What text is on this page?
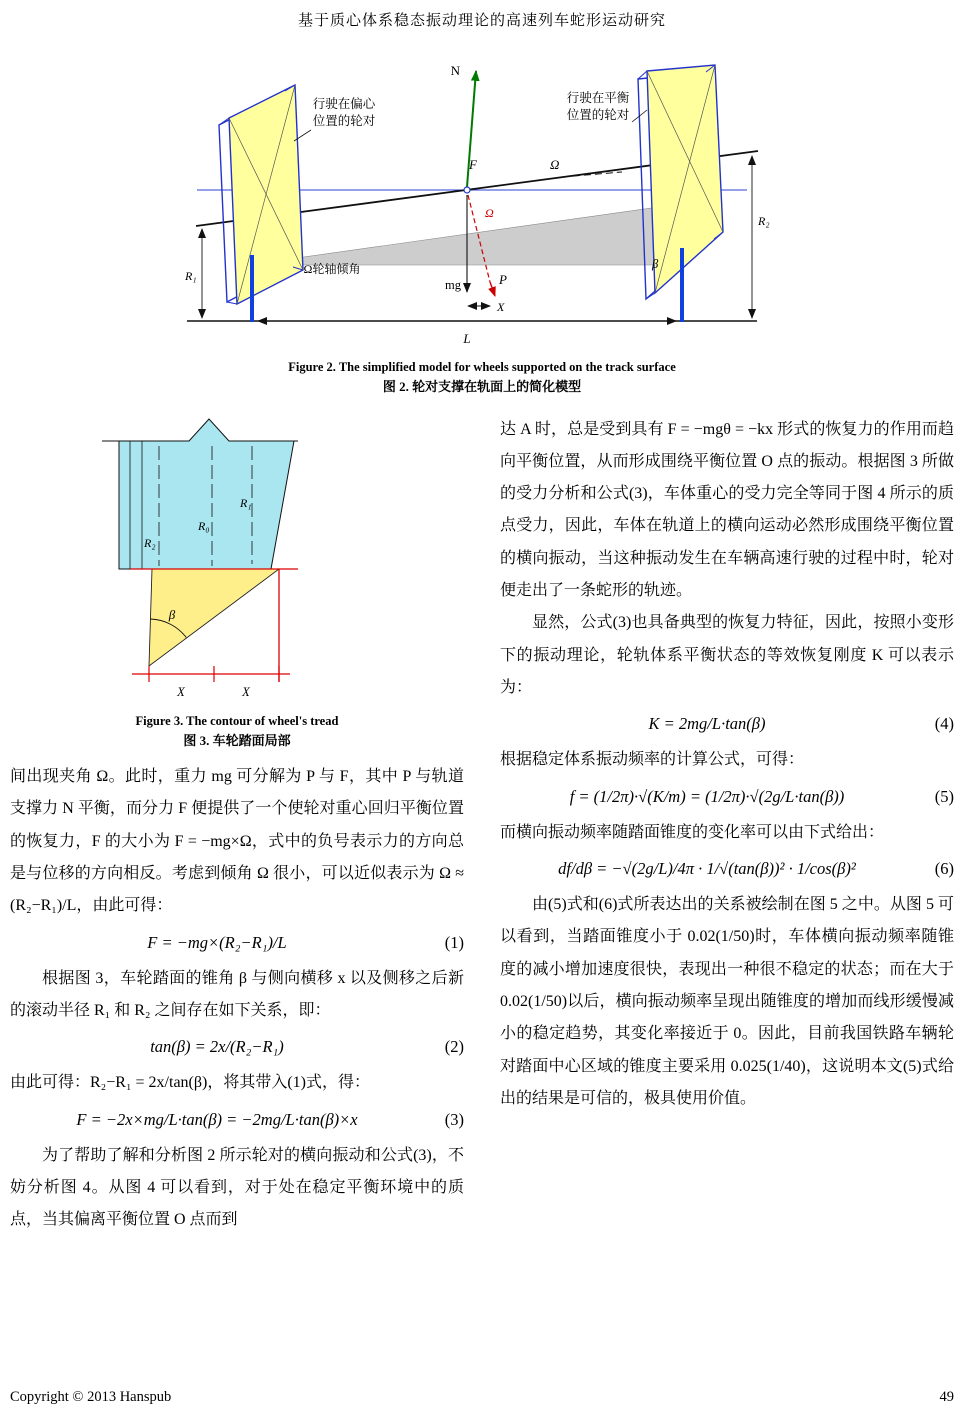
基于质心体系稳态振动理论的高速列车蛇形运动研究
L
R₁
R₂
N
F	Ω
mg
Ω
P
X
Ω轮轴倾角	β
行驶在偏心
位置的轮对
行驶在平衡
位置的轮对
Figure 2. The simplified model for wheels supported on the track surface
图 2. 轮对支撑在轨面上的简化模型
R₂
R₀
R₁
β
X	X
Figure 3. The contour of wheel's tread
图 3. 车轮踏面局部

间出现夹角 Ω。此时，重力 mg 可分解为 P 与 F，其中 P 与轨道支撑力 N 平衡，而分力 F 便提供了一个使轮对重心回归平衡位置的恢复力，F 的大小为 F = −mg×Ω，式中的负号表示力的方向总是与位移的方向相反。考虑到倾角 Ω 很小，可以近似表示为 Ω ≈ (R₂−R₁)/L，由此可得：

F = −mg×(R₂−R₁)/L	(1)

根据图 3，车轮踏面的锥角 β 与侧向横移 x 以及侧移之后新的滚动半径 R₁ 和 R₂ 之间存在如下关系，即：

tan(β) = 2x/(R₂−R₁)	(2)

由此可得：R₂−R₁ = 2x/tan(β)，将其带入(1)式，得：

F = −2x×mg/L·tan(β) = −2mg/L·tan(β)×x	(3)

为了帮助了解和分析图 2 所示轮对的横向振动和公式(3)，不妨分析图 4。从图 4 可以看到，对于处在稳定平衡环境中的质点，当其偏离平衡位置 O 点而到

达 A 时，总是受到具有 F = −mgθ = −kx 形式的恢复力的作用而趋向平衡位置，从而形成围绕平衡位置 O 点的振动。根据图 3 所做的受力分析和公式(3)，车体重心的受力完全等同于图 4 所示的质点受力，因此，车体在轨道上的横向运动必然形成围绕平衡位置的横向振动，当这种振动发生在车辆高速行驶的过程中时，轮对便走出了一条蛇形的轨迹。

显然，公式(3)也具备典型的恢复力特征，因此，按照小变形下的振动理论，轮轨体系平衡状态的等效恢复刚度 K 可以表示为：

K = 2mg/L·tan(β)	(4)

根据稳定体系振动频率的计算公式，可得：

f = (1/2π)·√(K/m) = (1/2π)·√(2g/L·tan(β))	(5)

而横向振动频率随踏面锥度的变化率可以由下式给出：

df/dβ = −√(2g/L)/4π · 1/√(tan(β))² · 1/cos(β)²	(6)

由(5)式和(6)式所表达出的关系被绘制在图 5 之中。从图 5 可以看到，当踏面锥度小于 0.02(1/50)时，车体横向振动频率随锥度的减小增加速度很快，表现出一种很不稳定的状态；而在大于 0.02(1/50)以后，横向振动频率呈现出随锥度的增加而线形缓慢减小的稳定趋势，其变化率接近于 0。因此，目前我国铁路车辆轮对踏面中心区域的锥度主要采用 0.025(1/40)，这说明本文(5)式给出的结果是可信的，极具使用价值。

Copyright © 2013 Hanspub	49
